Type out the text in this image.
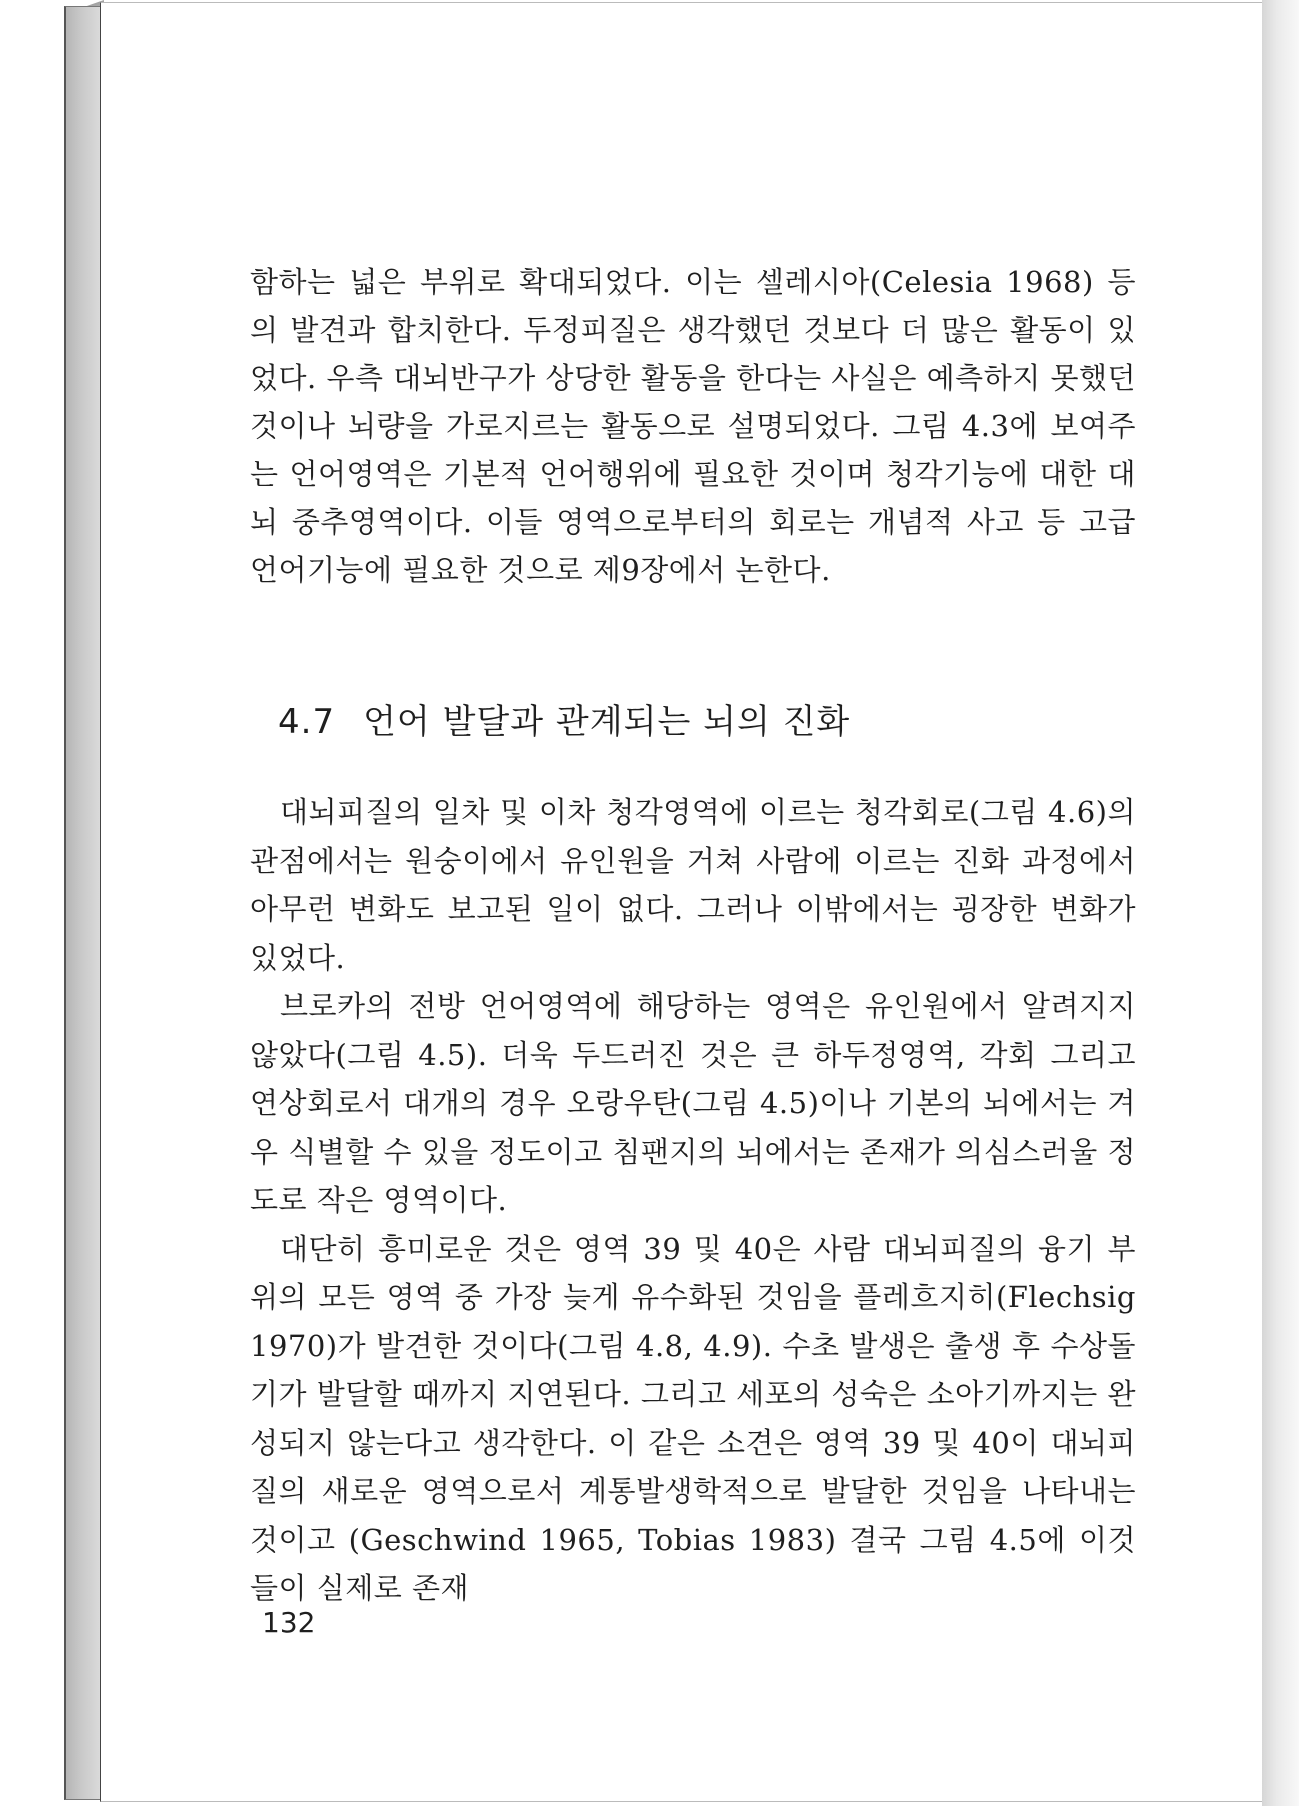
함하는 넓은 부위로 확대되었다. 이는 셀레시아(Celesia 1968) 등의 발견과 합치한다. 두정피질은 생각했던 것보다 더 많은 활동이 있었다. 우측 대뇌반구가 상당한 활동을 한다는 사실은 예측하지 못했던 것이나 뇌량을 가로지르는 활동으로 설명되었다. 그림 4.3에 보여주는 언어영역은 기본적 언어행위에 필요한 것이며 청각기능에 대한 대뇌 중추영역이다. 이들 영역으로부터의 회로는 개념적 사고 등 고급 언어기능에 필요한 것으로 제9장에서 논한다.

4.7 언어 발달과 관계되는 뇌의 진화

대뇌피질의 일차 및 이차 청각영역에 이르는 청각회로(그림 4.6)의 관점에서는 원숭이에서 유인원을 거쳐 사람에 이르는 진화 과정에서 아무런 변화도 보고된 일이 없다. 그러나 이밖에서는 굉장한 변화가 있었다.

브로카의 전방 언어영역에 해당하는 영역은 유인원에서 알려지지 않았다(그림 4.5). 더욱 두드러진 것은 큰 하두정영역, 각회 그리고 연상회로서 대개의 경우 오랑우탄(그림 4.5)이나 기본의 뇌에서는 겨우 식별할 수 있을 정도이고 침팬지의 뇌에서는 존재가 의심스러울 정도로 작은 영역이다.

대단히 흥미로운 것은 영역 39 및 40은 사람 대뇌피질의 융기 부위의 모든 영역 중 가장 늦게 유수화된 것임을 플레흐지히(Flechsig 1970)가 발견한 것이다(그림 4.8, 4.9). 수초 발생은 출생 후 수상돌기가 발달할 때까지 지연된다. 그리고 세포의 성숙은 소아기까지는 완성되지 않는다고 생각한다. 이 같은 소견은 영역 39 및 40이 대뇌피질의 새로운 영역으로서 계통발생학적으로 발달한 것임을 나타내는 것이고 (Geschwind 1965, Tobias 1983) 결국 그림 4.5에 이것들이 실제로 존재

132
